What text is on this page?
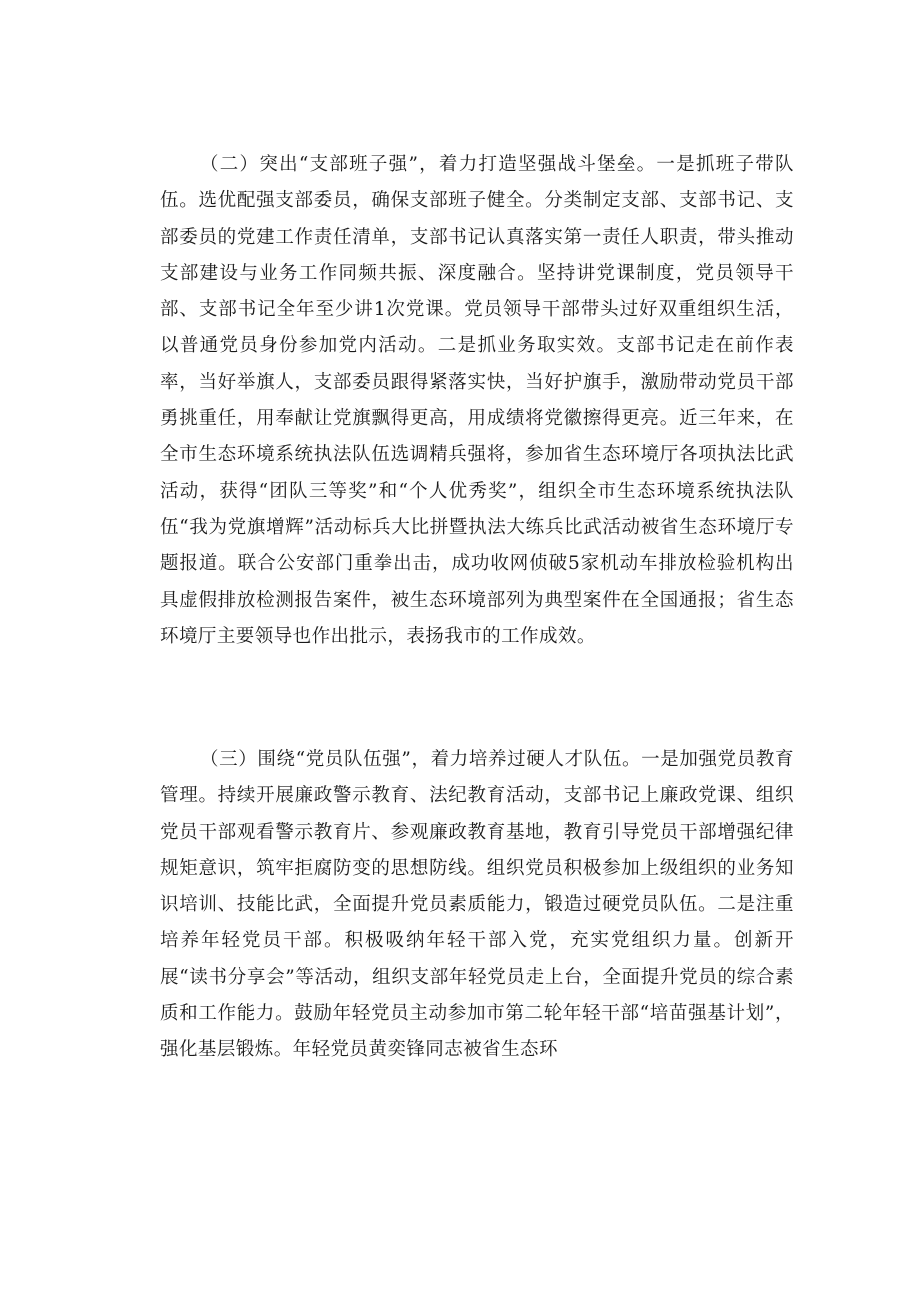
（二）突出“支部班子强”，着力打造坚强战斗堡垒。一是抓班子带队伍。选优配强支部委员，确保支部班子健全。分类制定支部、支部书记、支部委员的党建工作责任清单，支部书记认真落实第一责任人职责，带头推动支部建设与业务工作同频共振、深度融合。坚持讲党课制度，党员领导干部、支部书记全年至少讲1次党课。党员领导干部带头过好双重组织生活，以普通党员身份参加党内活动。二是抓业务取实效。支部书记走在前作表率，当好举旗人，支部委员跟得紧落实快，当好护旗手，激励带动党员干部勇挑重任，用奉献让党旗飘得更高，用成绩将党徽擦得更亮。近三年来，在全市生态环境系统执法队伍选调精兵强将，参加省生态环境厅各项执法比武活动，获得“团队三等奖”和“个人优秀奖”，组织全市生态环境系统执法队伍“我为党旗增辉”活动标兵大比拼暨执法大练兵比武活动被省生态环境厅专题报道。联合公安部门重拳出击，成功收网侦破5家机动车排放检验机构出具虚假排放检测报告案件，被生态环境部列为典型案件在全国通报；省生态环境厅主要领导也作出批示，表扬我市的工作成效。

（三）围绕“党员队伍强”，着力培养过硬人才队伍。一是加强党员教育管理。持续开展廉政警示教育、法纪教育活动，支部书记上廉政党课、组织党员干部观看警示教育片、参观廉政教育基地，教育引导党员干部增强纪律规矩意识，筑牢拒腐防变的思想防线。组织党员积极参加上级组织的业务知识培训、技能比武，全面提升党员素质能力，锻造过硬党员队伍。二是注重培养年轻党员干部。积极吸纳年轻干部入党，充实党组织力量。创新开展“读书分享会”等活动，组织支部年轻党员走上台，全面提升党员的综合素质和工作能力。鼓励年轻党员主动参加市第二轮年轻干部“培苗强基计划”，强化基层锻炼。年轻党员黄奕锋同志被省生态环
